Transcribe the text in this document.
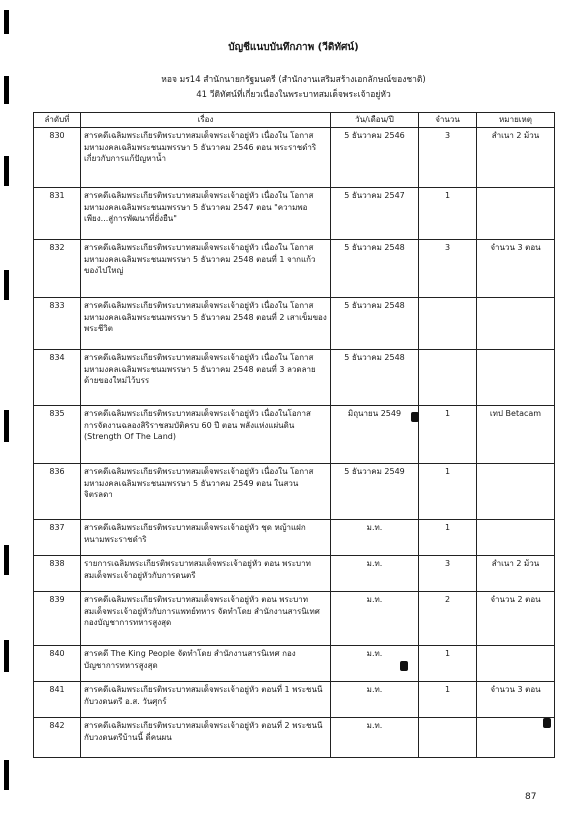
บัญชีแนบบันทึกภาพ (วีดิทัศน์)
หอจ มร14 สำนักนายกรัฐมนตรี (สำนักงานเสริมสร้างเอกลักษณ์ของชาติ)
41 วีดิทัศน์ที่เกี่ยวเนื่องในพระบาทสมเด็จพระเจ้าอยู่หัว
ลำดับที่	เรื่อง	วัน/เดือน/ปี	จำนวน	หมายเหตุ
830	สารคดีเฉลิมพระเกียรติพระบาทสมเด็จพระเจ้าอยู่หัว เนื่องใน โอกาสมหามงคลเฉลิมพระชนมพรรษา 5 ธันวาคม 2546 ตอน พระราชดำริเกี่ยวกับการแก้ปัญหาน้ำ	5 ธันวาคม 2546	3	สำเนา 2 ม้วน
831	สารคดีเฉลิมพระเกียรติพระบาทสมเด็จพระเจ้าอยู่หัว เนื่องใน โอกาสมหามงคลเฉลิมพระชนมพรรษา 5 ธันวาคม 2547 ตอน "ความพอเพียง...สู่การพัฒนาที่ยั่งยืน"	5 ธันวาคม 2547	1	
832	สารคดีเฉลิมพระเกียรติพระบาทสมเด็จพระเจ้าอยู่หัว เนื่องใน โอกาสมหามงคลเฉลิมพระชนมพรรษา 5 ธันวาคม 2548 ตอนที่ 1 จากแก้วของไปใหญ่	5 ธันวาคม 2548	3	จำนวน 3 ตอน
833	สารคดีเฉลิมพระเกียรติพระบาทสมเด็จพระเจ้าอยู่หัว เนื่องใน โอกาสมหามงคลเฉลิมพระชนมพรรษา 5 ธันวาคม 2548 ตอนที่ 2 เสาเข็มของพระชีวิต	5 ธันวาคม 2548		
834	สารคดีเฉลิมพระเกียรติพระบาทสมเด็จพระเจ้าอยู่หัว เนื่องใน โอกาสมหามงคลเฉลิมพระชนมพรรษา 5 ธันวาคม 2548 ตอนที่ 3 ลวดลายด้ายของใหม่ไว้บรร	5 ธันวาคม 2548		
835	สารคดีเฉลิมพระเกียรติพระบาทสมเด็จพระเจ้าอยู่หัว เนื่องในโอกาส การจัดงานฉลองสิริราชสมบัติครบ 60 ปี ตอน พลังแห่งแผ่นดิน (Strength Of The Land)	มิถุนายน 2549	1	เทป Betacam
836	สารคดีเฉลิมพระเกียรติพระบาทสมเด็จพระเจ้าอยู่หัว เนื่องใน โอกาสมหามงคลเฉลิมพระชนมพรรษา 5 ธันวาคม 2549 ตอน ในสวนจิตรลดา	5 ธันวาคม 2549	1	
837	สารคดีเฉลิมพระเกียรติพระบาทสมเด็จพระเจ้าอยู่หัว ชุด หญ้าแฝก หนามพระราชดำริ	ม.ท.	1	
838	รายการเฉลิมพระเกียรติพระบาทสมเด็จพระเจ้าอยู่หัว ตอน พระบาทสมเด็จพระเจ้าอยู่หัวกับการดนตรี	ม.ท.	3	สำเนา 2 ม้วน
839	สารคดีเฉลิมพระเกียรติพระบาทสมเด็จพระเจ้าอยู่หัว ตอน พระบาทสมเด็จพระเจ้าอยู่หัวกับการแพทย์ทหาร จัดทำโดย สำนักงานสารนิเทศ กองบัญชาการทหารสูงสุด	ม.ท.	2	จำนวน 2 ตอน
840	สารคดี The King People จัดทำโดย สำนักงานสารนิเทศ กองบัญชาการทหารสูงสุด	ม.ท.	1	
841	สารคดีเฉลิมพระเกียรติพระบาทสมเด็จพระเจ้าอยู่หัว ตอนที่ 1 พระชนนี กับวงดนตรี อ.ส. วันศุกร์	ม.ท.	1	จำนวน 3 ตอน
842	สารคดีเฉลิมพระเกียรติพระบาทสมเด็จพระเจ้าอยู่หัว ตอนที่ 2 พระชนนี กับวงดนตรีบ้านนี้ ดี่คนผน	ม.ท.		
87
